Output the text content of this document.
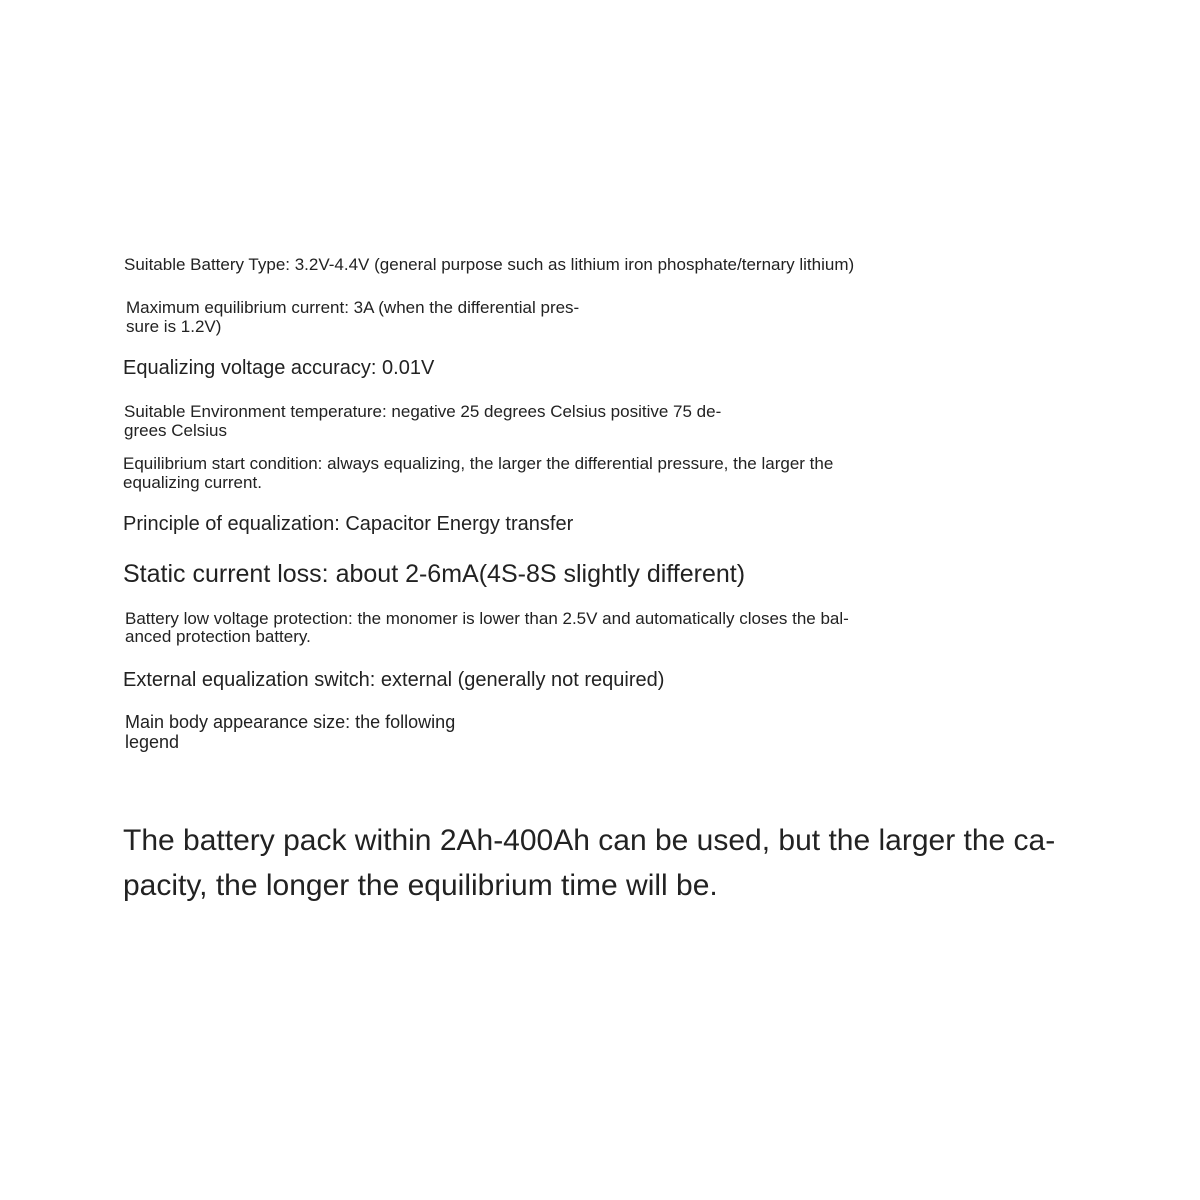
Suitable Battery Type: 3.2V-4.4V (general purpose such as lithium iron phosphate/ternary lithium)

Maximum equilibrium current: 3A (when the differential pres-
sure is 1.2V)

Equalizing voltage accuracy: 0.01V

Suitable Environment temperature: negative 25 degrees Celsius positive 75 de-
grees Celsius

Equilibrium start condition: always equalizing, the larger the differential pressure, the larger the
equalizing current.

Principle of equalization: Capacitor Energy transfer

Static current loss: about 2-6mA(4S-8S slightly different)

Battery low voltage protection: the monomer is lower than 2.5V and automatically closes the bal-
anced protection battery.

External equalization switch: external (generally not required)

Main body appearance size: the following
legend

The battery pack within 2Ah-400Ah can be used, but the larger the ca-
pacity, the longer the equilibrium time will be.
